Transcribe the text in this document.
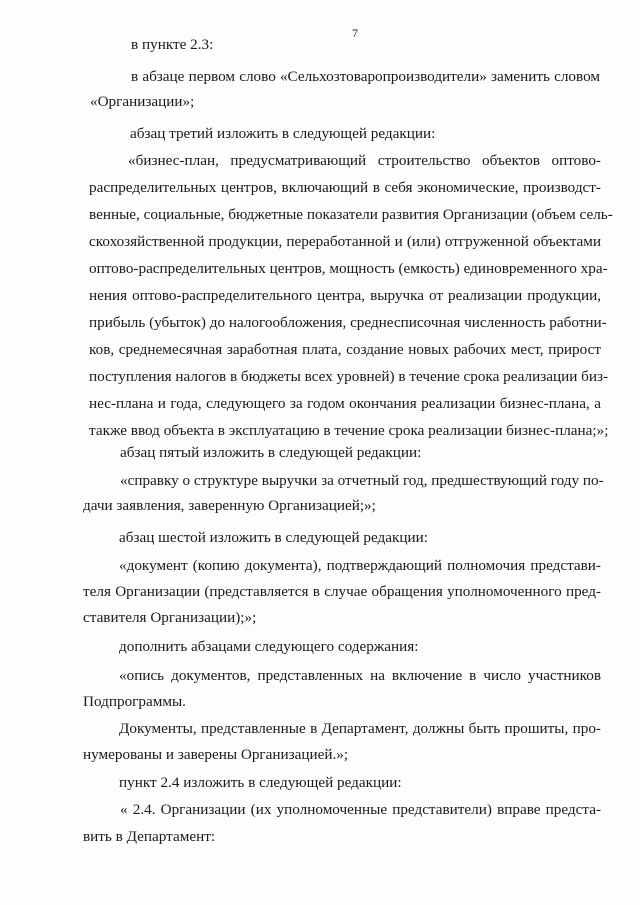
7
в пункте 2.3:
в абзаце первом слово «Сельхозтоваропроизводители» заменить словом
«Организации»;
абзац третий изложить в следующей редакции:
«бизнес-план, предусматривающий строительство объектов оптово-
распределительных центров, включающий в себя экономические, производст-
венные, социальные, бюджетные показатели развития Организации (объем сель-
скохозяйственной продукции, переработанной и (или) отгруженной объектами
оптово-распределительных центров, мощность (емкость) единовременного хра-
нения оптово-распределительного центра, выручка от реализации продукции,
прибыль (убыток) до налогообложения, среднесписочная численность работни-
ков, среднемесячная заработная плата, создание новых рабочих мест, прирост
поступления налогов в бюджеты всех уровней) в течение срока реализации биз-
нес-плана и года, следующего за годом окончания реализации бизнес-плана, а
также ввод объекта в эксплуатацию в течение срока реализации бизнес-плана;»;
абзац пятый изложить в следующей редакции:
«справку о структуре выручки за отчетный год, предшествующий году по-
дачи заявления, заверенную Организацией;»;
абзац шестой изложить в следующей редакции:
«документ (копию документа), подтверждающий полномочия представи-
теля Организации (представляется в случае обращения уполномоченного пред-
ставителя Организации);»;
дополнить абзацами следующего содержания:
«опись документов, представленных на включение в число участников
Подпрограммы.
Документы, представленные в Департамент, должны быть прошиты, про-
нумерованы и заверены Организацией.»;
пункт 2.4 изложить в следующей редакции:
« 2.4. Организации (их уполномоченные представители) вправе предста-
вить в Департамент:
